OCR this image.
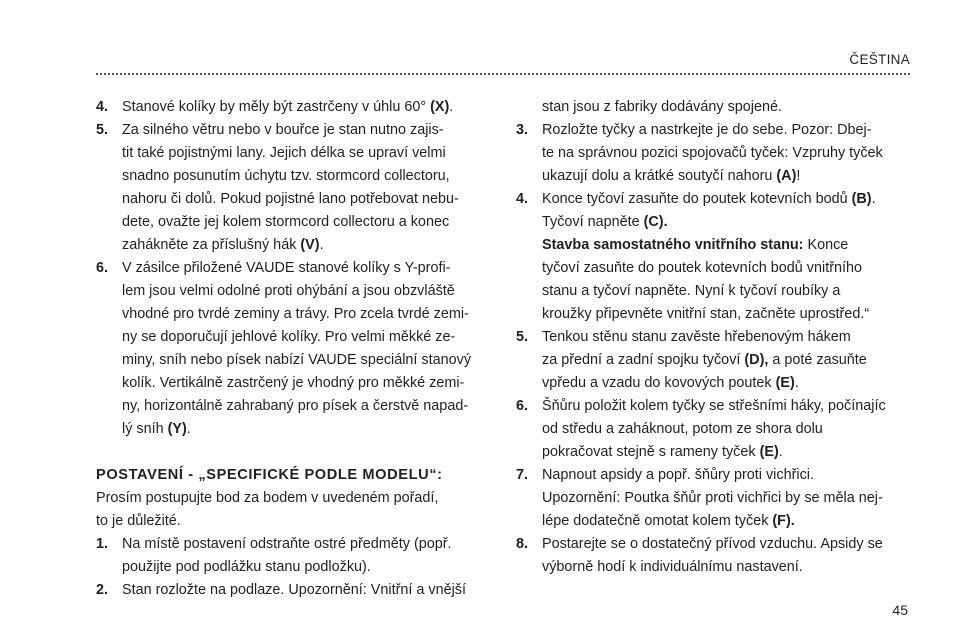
ČEŠTINA
4. Stanové kolíky by měly být zastrčeny v úhlu 60° (X).
5. Za silného větru nebo v bouřce je stan nutno zajis-
tit také pojistnými lany. Jejich délka se upraví velmi
snadno posunutím úchytu tzv. stormcord collectoru,
nahoru či dolů. Pokud pojistné lano potřebovat nebu-
dete, ovažte jej kolem stormcord collectoru a konec
zahákněte za příslušný hák (V).
6. V zásilce přiložené VAUDE stanové kolíky s Y-profi-
lem jsou velmi odolné proti ohýbání a jsou obzvláště
vhodné pro tvrdé zeminy a trávy. Pro zcela tvrdé zemi-
ny se doporučují jehlové kolíky. Pro velmi měkké ze-
miny, sníh nebo písek nabízí VAUDE speciální stanový
kolík. Vertikálně zastrčený je vhodný pro měkké zemi-
ny, horizontálně zahrabaný pro písek a čerstvě napad-
lý sníh (Y).
POSTAVENÍ - „SPECIFICKÉ PODLE MODELU“:
Prosím postupujte bod za bodem v uvedeném pořadí,
to je důležité.
1. Na místě postavení odstraňte ostré předměty (popř.
použijte pod podlážku stanu podložku).
2. Stan rozložte na podlaze. Upozornění: Vnitřní a vnější
stan jsou z fabriky dodávány spojené.
3. Rozložte tyčky a nastrkejte je do sebe. Pozor: Dbej-
te na správnou pozici spojovačů tyček: Vzpruhy tyček
ukazují dolu a krátké soutyčí nahoru (A)!
4. Konce tyčoví zasuňte do poutek kotevních bodů (B).
Tyčoví napněte (C).
Stavba samostatného vnitřního stanu: Konce
tyčoví zasuňte do poutek kotevních bodů vnitřního
stanu a tyčoví napněte. Nyní k tyčoví roubíky a
kroužky připevněte vnitřní stan, začněte uprostřed.“
5. Tenkou stěnu stanu zavěste hřebenovým hákem
za přední a zadní spojku tyčoví (D), a poté zasuňte
vpředu a vzadu do kovových poutek (E).
6. Šňůru položit kolem tyčky se střešními háky, počínajíc
od středu a zaháknout, potom ze shora dolu
pokračovat stejně s rameny tyček (E).
7. Napnout apsidy a popř. šňůry proti vichřici.
Upozornění: Poutka šňůr proti vichřici by se měla nej-
lépe dodatečně omotat kolem tyček (F).
8. Postarejte se o dostatečný přívod vzduchu. Apsidy se
výborně hodí k individuálnímu nastavení.
45
